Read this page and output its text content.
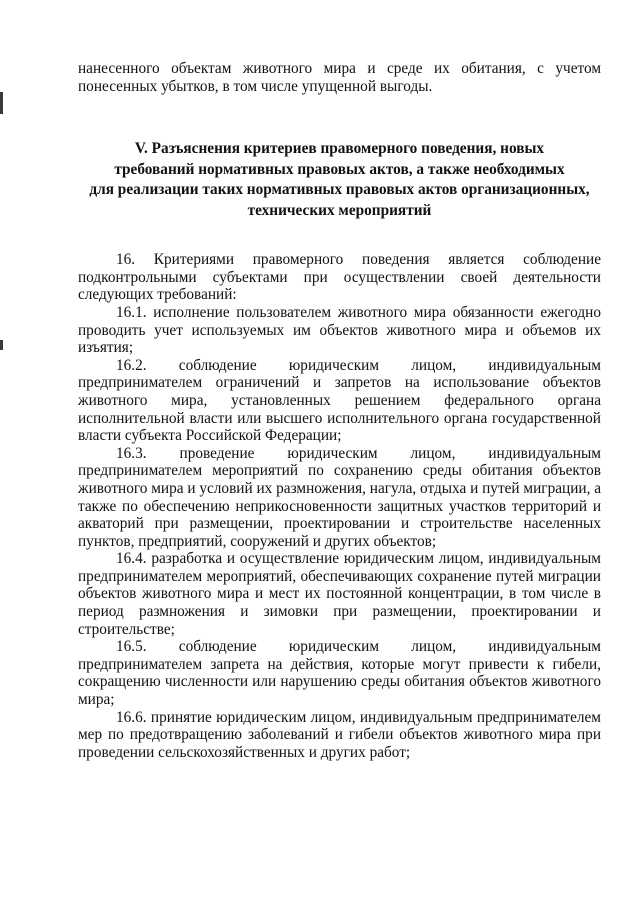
нанесенного объектам животного мира и среде их обитания, с учетом понесенных убытков, в том числе упущенной выгоды.

V. Разъяснения критериев правомерного поведения, новых
требований нормативных правовых актов, а также необходимых
для реализации таких нормативных правовых актов организационных,
технических мероприятий

16. Критериями правомерного поведения является соблюдение подконтрольными субъектами при осуществлении своей деятельности следующих требований:

16.1. исполнение пользователем животного мира обязанности ежегодно проводить учет используемых им объектов животного мира и объемов их изъятия;

16.2. соблюдение юридическим лицом, индивидуальным предпринимателем ограничений и запретов на использование объектов животного мира, установленных решением федерального органа исполнительной власти или высшего исполнительного органа государственной власти субъекта Российской Федерации;

16.3. проведение юридическим лицом, индивидуальным предпринимателем мероприятий по сохранению среды обитания объектов животного мира и условий их размножения, нагула, отдыха и путей миграции, а также по обеспечению неприкосновенности защитных участков территорий и акваторий при размещении, проектировании и строительстве населенных пунктов, предприятий, сооружений и других объектов;

16.4. разработка и осуществление юридическим лицом, индивидуальным предпринимателем мероприятий, обеспечивающих сохранение путей миграции объектов животного мира и мест их постоянной концентрации, в том числе в период размножения и зимовки при размещении, проектировании и строительстве;

16.5. соблюдение юридическим лицом, индивидуальным предпринимателем запрета на действия, которые могут привести к гибели, сокращению численности или нарушению среды обитания объектов животного мира;

16.6. принятие юридическим лицом, индивидуальным предпринимателем мер по предотвращению заболеваний и гибели объектов животного мира при проведении сельскохозяйственных и других работ;
